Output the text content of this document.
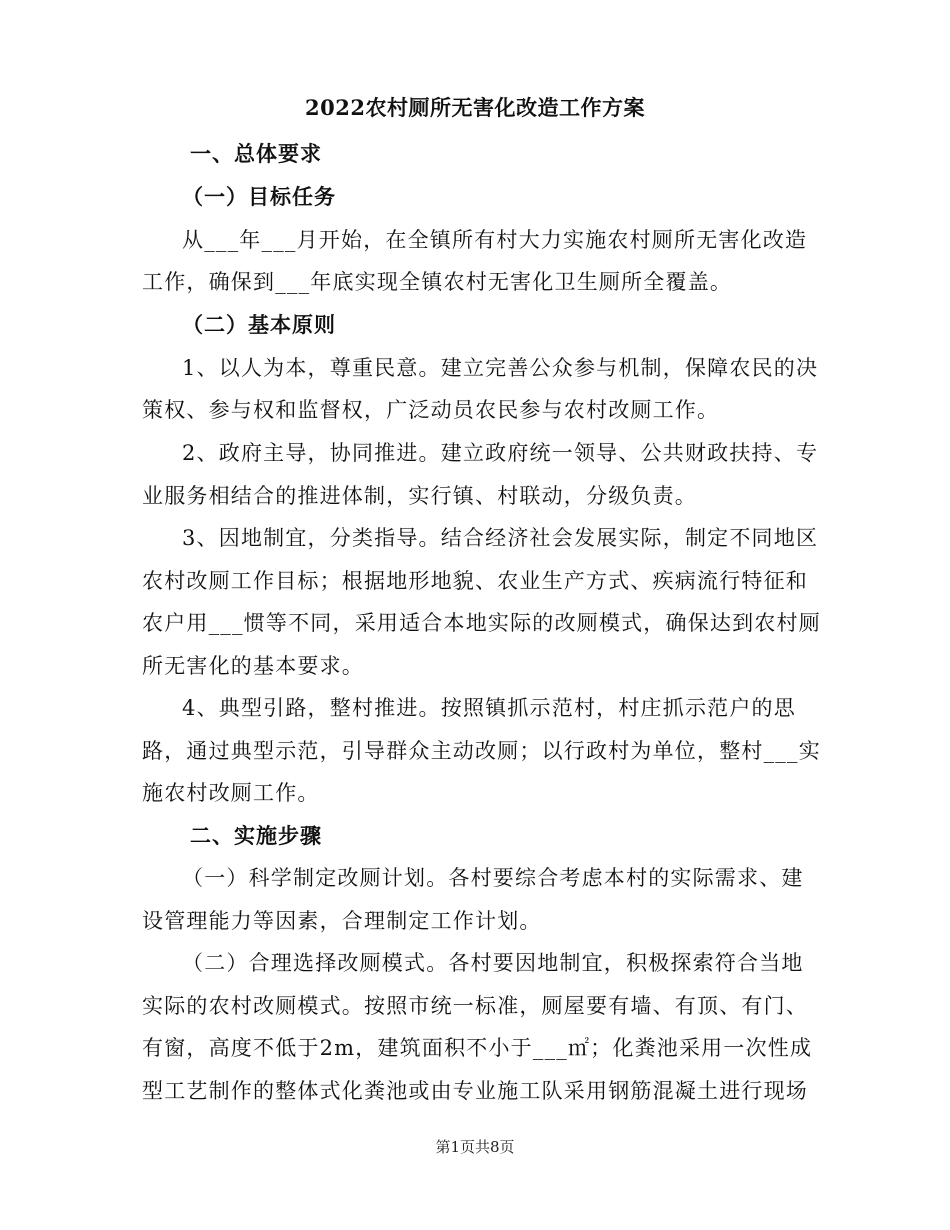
2022农村厕所无害化改造工作方案
一、总体要求
（一）目标任务
从___年___月开始，在全镇所有村大力实施农村厕所无害化改造
工作，确保到___年底实现全镇农村无害化卫生厕所全覆盖。
（二）基本原则
1、以人为本，尊重民意。建立完善公众参与机制，保障农民的决
策权、参与权和监督权，广泛动员农民参与农村改厕工作。
2、政府主导，协同推进。建立政府统一领导、公共财政扶持、专
业服务相结合的推进体制，实行镇、村联动，分级负责。
3、因地制宜，分类指导。结合经济社会发展实际，制定不同地区
农村改厕工作目标；根据地形地貌、农业生产方式、疾病流行特征和
农户用___惯等不同，采用适合本地实际的改厕模式，确保达到农村厕
所无害化的基本要求。
4、典型引路，整村推进。按照镇抓示范村，村庄抓示范户的思
路，通过典型示范，引导群众主动改厕；以行政村为单位，整村___实
施农村改厕工作。
二、实施步骤
（一）科学制定改厕计划。各村要综合考虑本村的实际需求、建
设管理能力等因素，合理制定工作计划。
（二）合理选择改厕模式。各村要因地制宜，积极探索符合当地
实际的农村改厕模式。按照市统一标准，厕屋要有墙、有顶、有门、
有窗，高度不低于2m，建筑面积不小于___㎡；化粪池采用一次性成
型工艺制作的整体式化粪池或由专业施工队采用钢筋混凝土进行现场
第1页共8页
